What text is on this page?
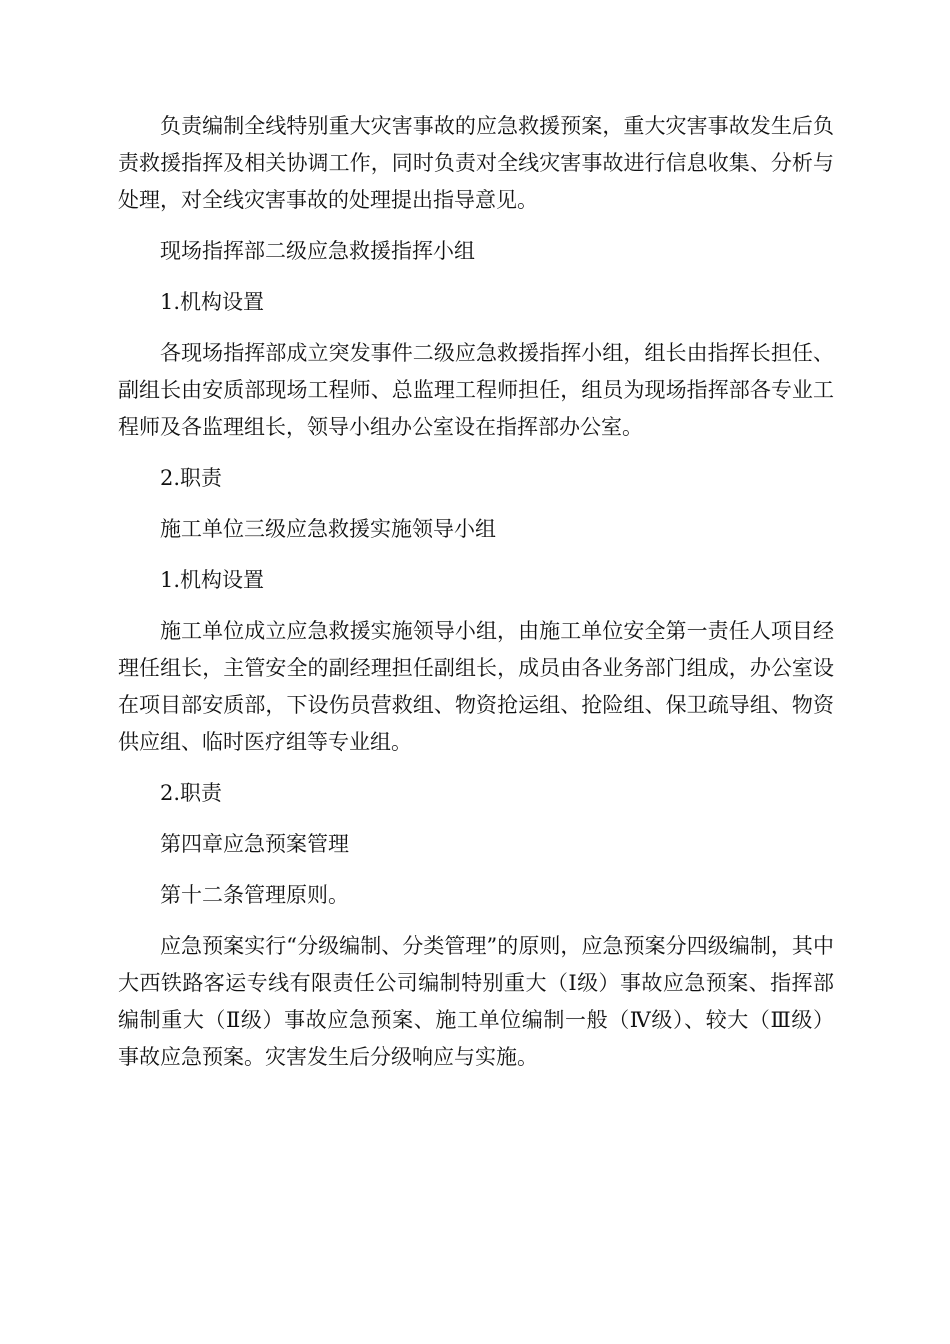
负责编制全线特别重大灾害事故的应急救援预案，重大灾害事故发生后负责救援指挥及相关协调工作，同时负责对全线灾害事故进行信息收集、分析与处理，对全线灾害事故的处理提出指导意见。

现场指挥部二级应急救援指挥小组

1.机构设置

各现场指挥部成立突发事件二级应急救援指挥小组，组长由指挥长担任、副组长由安质部现场工程师、总监理工程师担任，组员为现场指挥部各专业工程师及各监理组长，领导小组办公室设在指挥部办公室。

2.职责

施工单位三级应急救援实施领导小组

1.机构设置

施工单位成立应急救援实施领导小组，由施工单位安全第一责任人项目经理任组长，主管安全的副经理担任副组长，成员由各业务部门组成，办公室设在项目部安质部，下设伤员营救组、物资抢运组、抢险组、保卫疏导组、物资供应组、临时医疗组等专业组。

2.职责

第四章应急预案管理

第十二条管理原则。

应急预案实行“分级编制、分类管理”的原则，应急预案分四级编制，其中大西铁路客运专线有限责任公司编制特别重大（Ⅰ级）事故应急预案、指挥部编制重大（Ⅱ级）事故应急预案、施工单位编制一般（Ⅳ级）、较大（Ⅲ级）事故应急预案。灾害发生后分级响应与实施。
